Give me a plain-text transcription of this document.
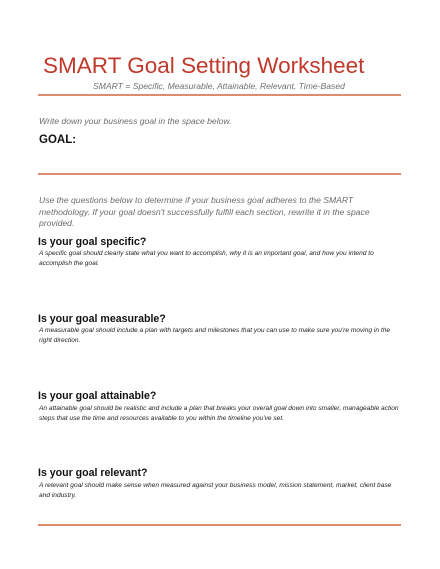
SMART Goal Setting Worksheet
SMART = Specific, Measurable, Attainable, Relevant, Time-Based
Write down your business goal in the space below.
GOAL:
Use the questions below to determine if your business goal adheres to the SMART methodology. If your goal doesn't successfully fulfill each section, rewrite it in the space provided.
Is your goal specific?
A specific goal should clearly state what you want to accomplish, why it is an important goal, and how you intend to accomplish the goal.
Is your goal measurable?
A measurable goal should include a plan with targets and milestones that you can use to make sure you're moving in the right direction.
Is your goal attainable?
An attainable goal should be realistic and include a plan that breaks your overall goal down into smaller, manageable action steps that use the time and resources available to you within the timeline you've set.
Is your goal relevant?
A relevant goal should make sense when measured against your business model, mission statement, market, client base and industry.
